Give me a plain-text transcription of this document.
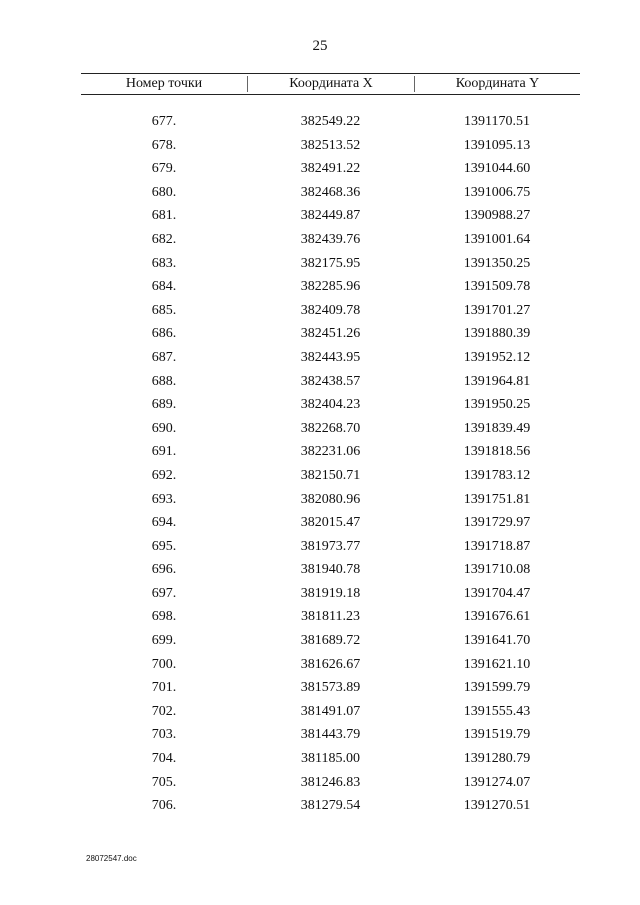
25
Номер точки	Координата X	Координата Y
677.	382549.22	1391170.51
678.	382513.52	1391095.13
679.	382491.22	1391044.60
680.	382468.36	1391006.75
681.	382449.87	1390988.27
682.	382439.76	1391001.64
683.	382175.95	1391350.25
684.	382285.96	1391509.78
685.	382409.78	1391701.27
686.	382451.26	1391880.39
687.	382443.95	1391952.12
688.	382438.57	1391964.81
689.	382404.23	1391950.25
690.	382268.70	1391839.49
691.	382231.06	1391818.56
692.	382150.71	1391783.12
693.	382080.96	1391751.81
694.	382015.47	1391729.97
695.	381973.77	1391718.87
696.	381940.78	1391710.08
697.	381919.18	1391704.47
698.	381811.23	1391676.61
699.	381689.72	1391641.70
700.	381626.67	1391621.10
701.	381573.89	1391599.79
702.	381491.07	1391555.43
703.	381443.79	1391519.79
704.	381185.00	1391280.79
705.	381246.83	1391274.07
706.	381279.54	1391270.51
28072547.doc
